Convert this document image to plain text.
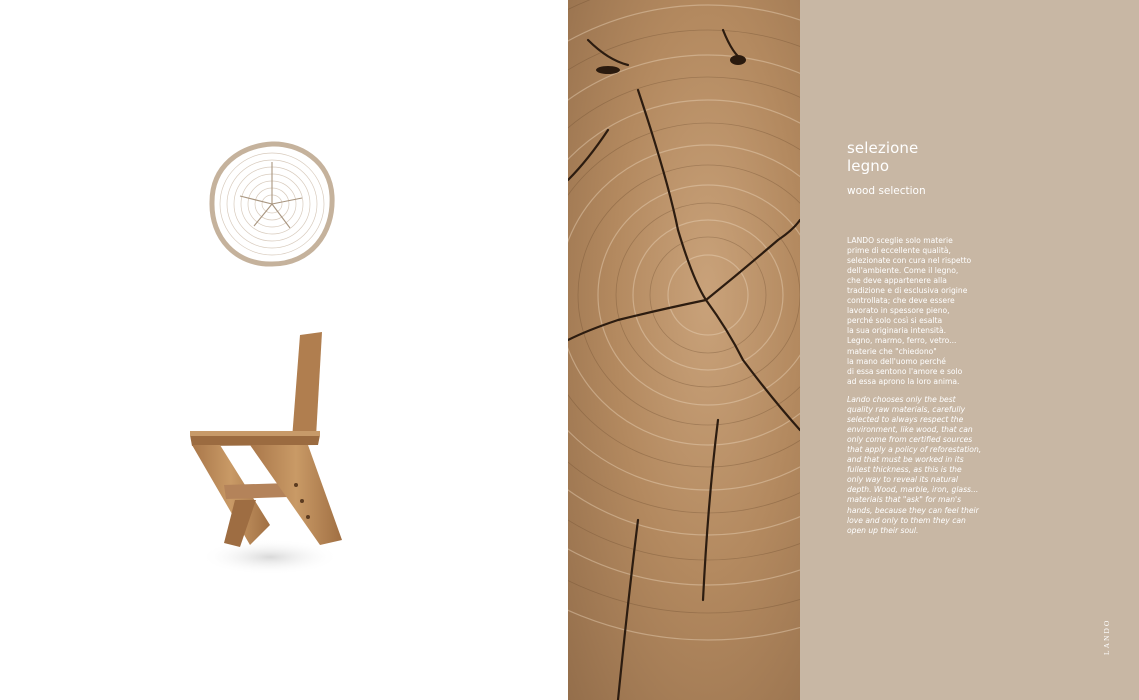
selezione
legno

wood selection

LANDO sceglie solo materie
prime di eccellente qualità,
selezionate con cura nel rispetto
dell'ambiente. Come il legno,
che deve appartenere alla
tradizione e di esclusiva origine
controllata; che deve essere
lavorato in spessore pieno,
perché solo così si esalta
la sua originaria intensità.
Legno, marmo, ferro, vetro...
materie che "chiedono"
la mano dell'uomo perché
di essa sentono l'amore e solo
ad essa aprono la loro anima.

Lando chooses only the best
quality raw materials, carefully
selected to always respect the
environment, like wood, that can
only come from certified sources
that apply a policy of reforestation,
and that must be worked in its
fullest thickness, as this is the
only way to reveal its natural
depth. Wood, marble, iron, glass...
materials that "ask" for man's
hands, because they can feel their
love and only to them they can
open up their soul.

LANDO
